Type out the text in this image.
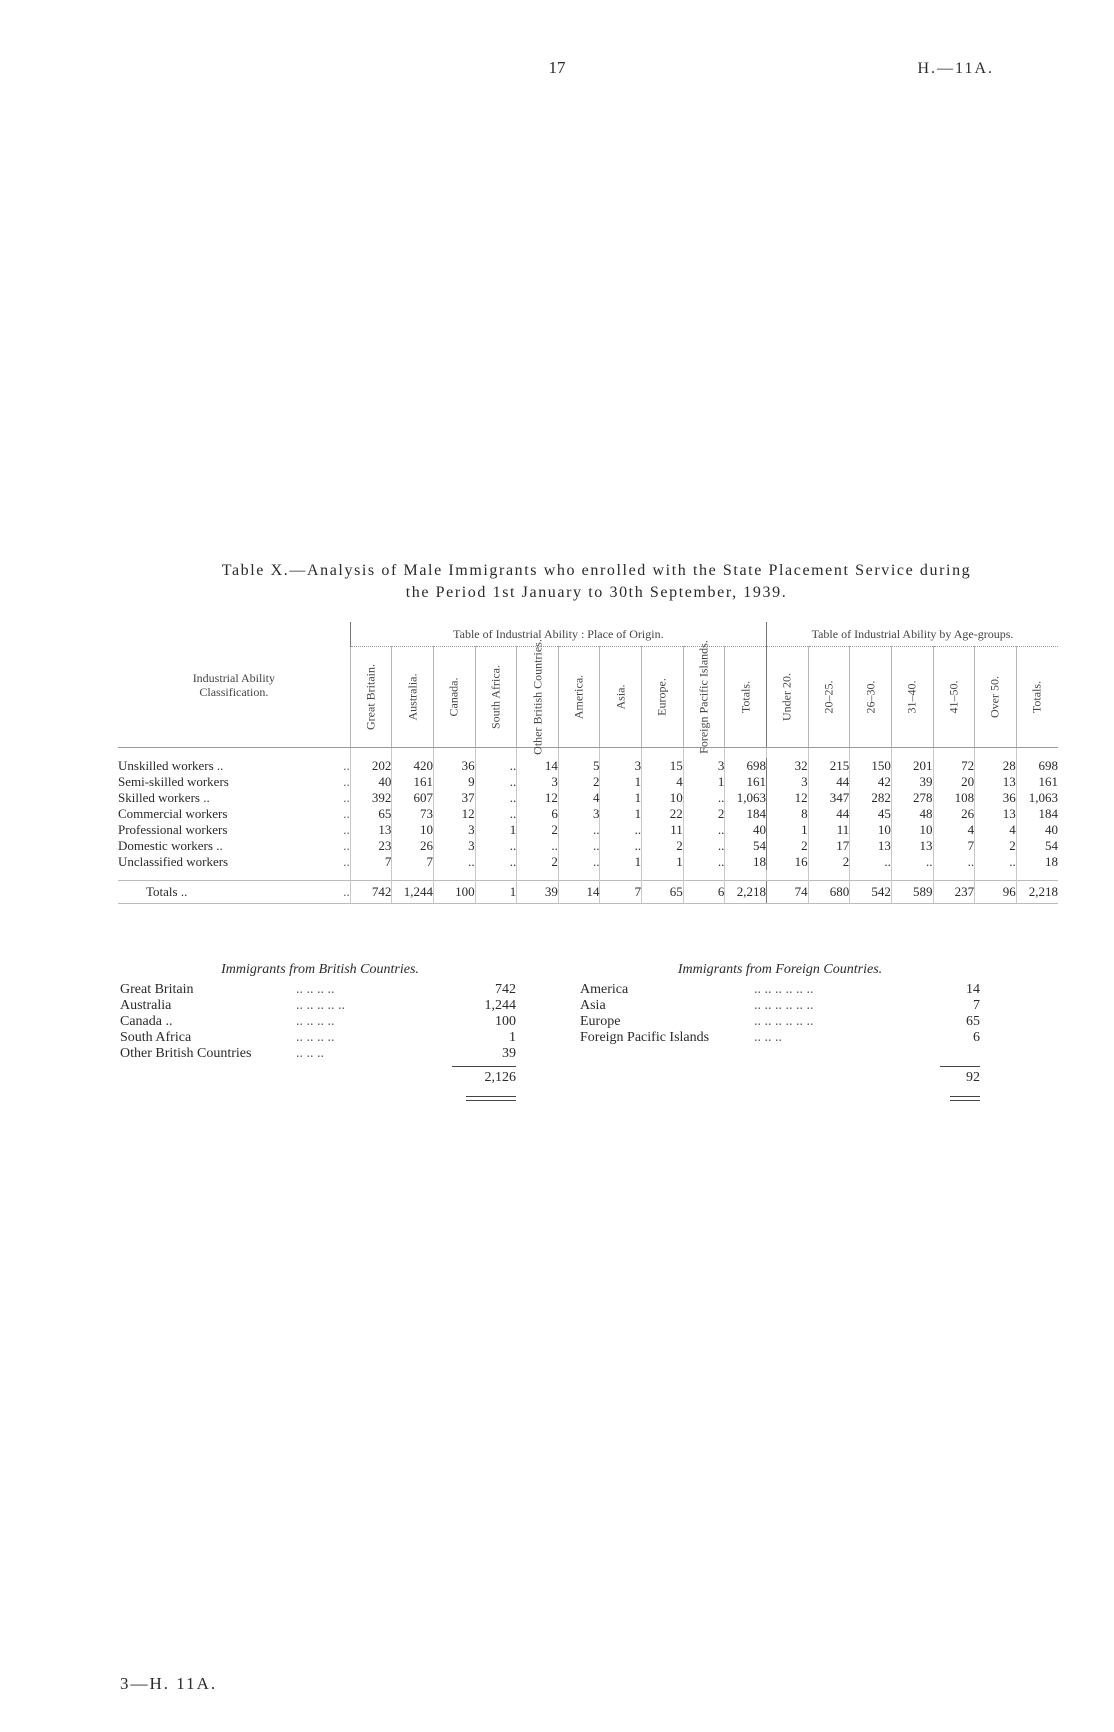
17	H.—11A.
Table X.—Analysis of Male Immigrants who enrolled with the State Placement Service during
the Period 1st January to 30th September, 1939.
Industrial Ability
Classification.		Table of Industrial Ability : Place of Origin.										Table of Industrial Ability by Age-groups.						

		Great Britain.	Australia.	Canada.	South Africa.	Other British Countries.	America.	Asia.	Europe.	Foreign Pacific Islands.	Totals.	Under 20.	20–25.	26–30.	31–40.	41–50.	Over 50.	Totals.

Unskilled workers ..	..	202	420	36	..	14	5	3	15	3	698	32	215	150	201	72	28	698
Semi-skilled workers	..	40	161	9	..	3	2	1	4	1	161	3	44	42	39	20	13	161
Skilled workers ..	..	392	607	37	..	12	4	1	10	..	1,063	12	347	282	278	108	36	1,063
Commercial workers	..	65	73	12	..	6	3	1	22	2	184	8	44	45	48	26	13	184
Professional workers	..	13	10	3	1	2	..	..	11	..	40	1	11	10	10	4	4	40
Domestic workers ..	..	23	26	3	..	..	..	..	2	..	54	2	17	13	13	7	2	54
Unclassified workers	..	7	7	..	..	2	..	1	1	..	18	16	2	..	..	..	..	18

Totals ..	..	742	1,244	100	1	39	14	7	65	6	2,218	74	680	542	589	237	96	2,218
Immigrants from British Countries.
Great Britain	.. .. .. ..	742
Australia	.. .. .. .. ..	1,244
Canada ..	.. .. .. ..	100
South Africa	.. .. .. ..	1
Other British Countries	.. .. ..	39
2,126
Immigrants from Foreign Countries.
America	.. .. .. .. .. ..	14
Asia	.. .. .. .. .. ..	7
Europe	.. .. .. .. .. ..	65
Foreign Pacific Islands	.. .. ..	6
92
3—H. 11A.
